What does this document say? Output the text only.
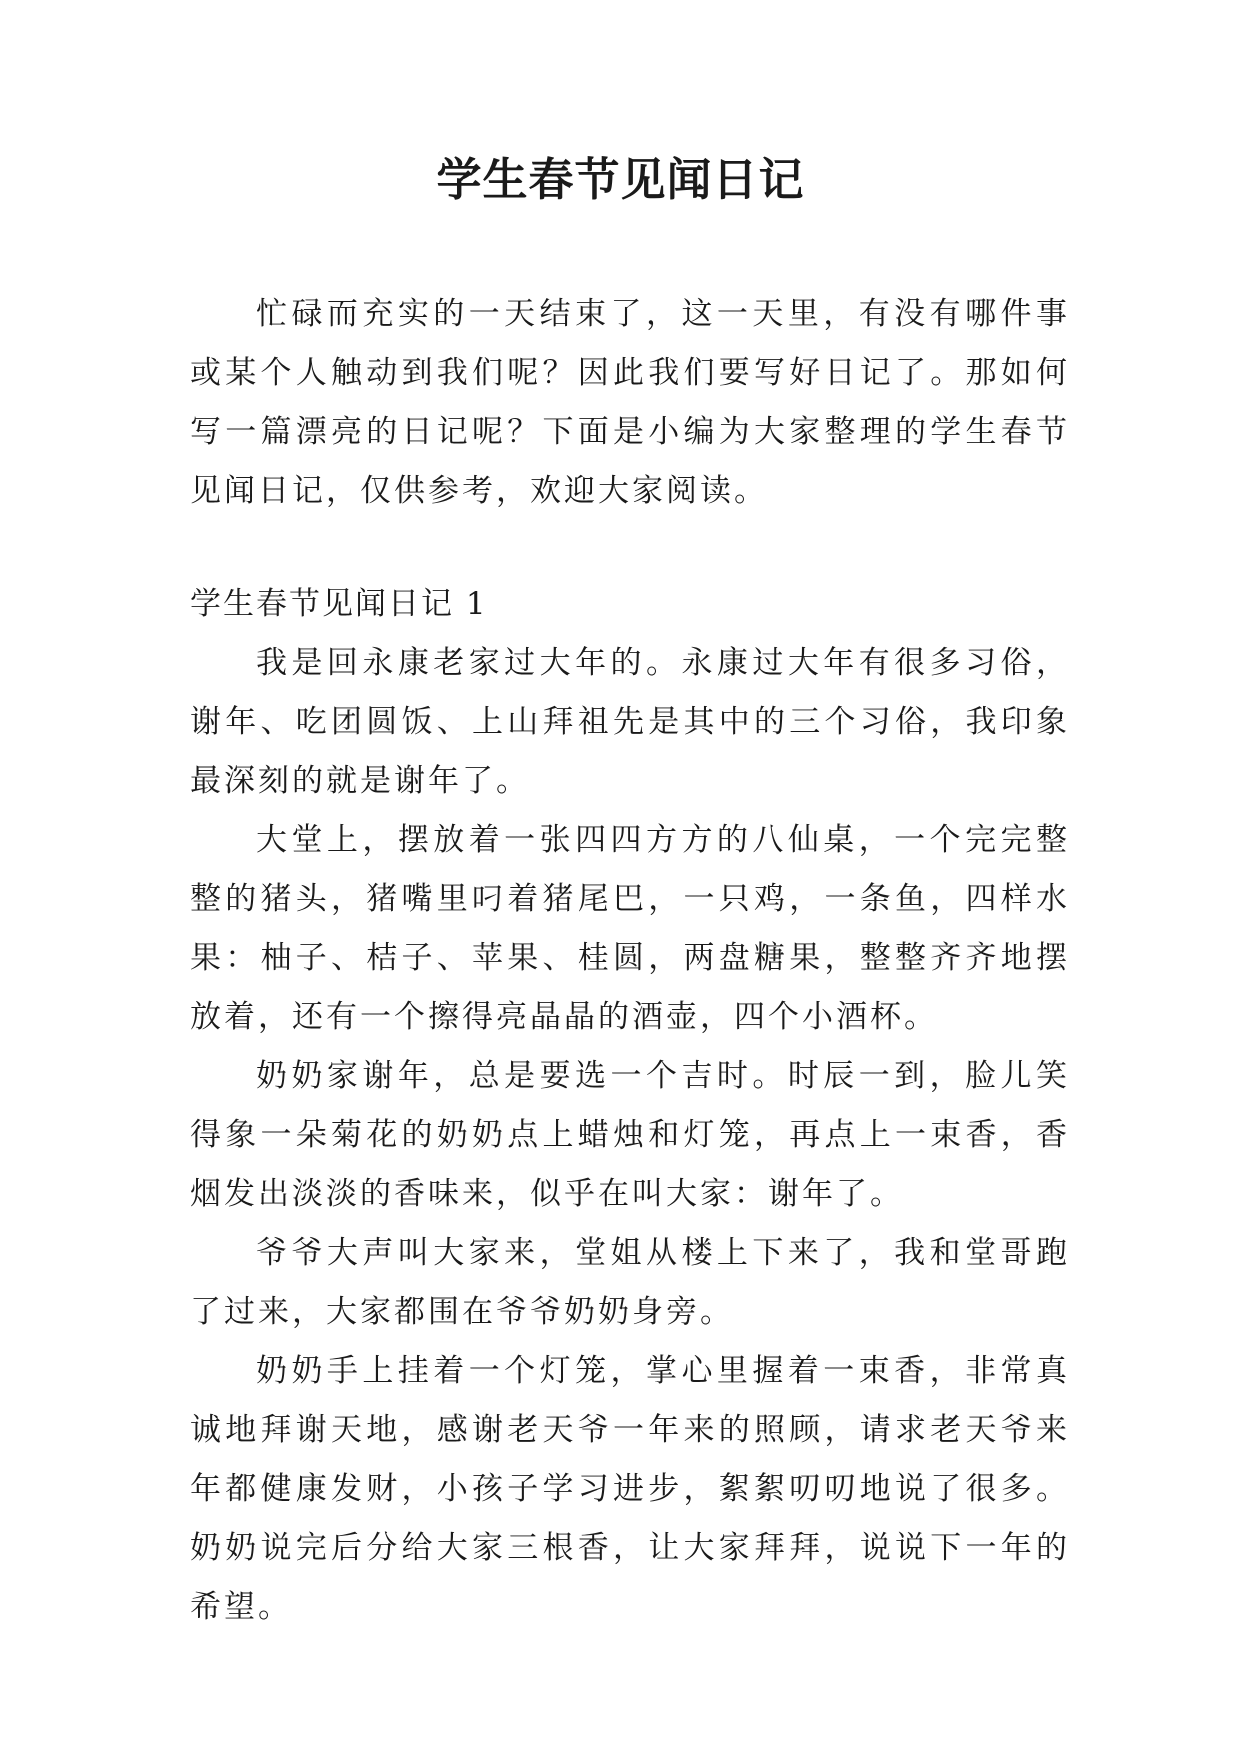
学生春节见闻日记

忙碌而充实的一天结束了，这一天里，有没有哪件事或某个人触动到我们呢？因此我们要写好日记了。那如何写一篇漂亮的日记呢？下面是小编为大家整理的学生春节见闻日记，仅供参考，欢迎大家阅读。

学生春节见闻日记 1

我是回永康老家过大年的。永康过大年有很多习俗，谢年、吃团圆饭、上山拜祖先是其中的三个习俗，我印象最深刻的就是谢年了。

大堂上，摆放着一张四四方方的八仙桌，一个完完整整的猪头，猪嘴里叼着猪尾巴，一只鸡，一条鱼，四样水果：柚子、桔子、苹果、桂圆，两盘糖果，整整齐齐地摆放着，还有一个擦得亮晶晶的酒壶，四个小酒杯。

奶奶家谢年，总是要选一个吉时。时辰一到，脸儿笑得象一朵菊花的奶奶点上蜡烛和灯笼，再点上一束香，香烟发出淡淡的香味来，似乎在叫大家：谢年了。

爷爷大声叫大家来，堂姐从楼上下来了，我和堂哥跑了过来，大家都围在爷爷奶奶身旁。

奶奶手上挂着一个灯笼，掌心里握着一束香，非常真诚地拜谢天地，感谢老天爷一年来的照顾，请求老天爷来年都健康发财，小孩子学习进步，絮絮叨叨地说了很多。奶奶说完后分给大家三根香，让大家拜拜，说说下一年的希望。
